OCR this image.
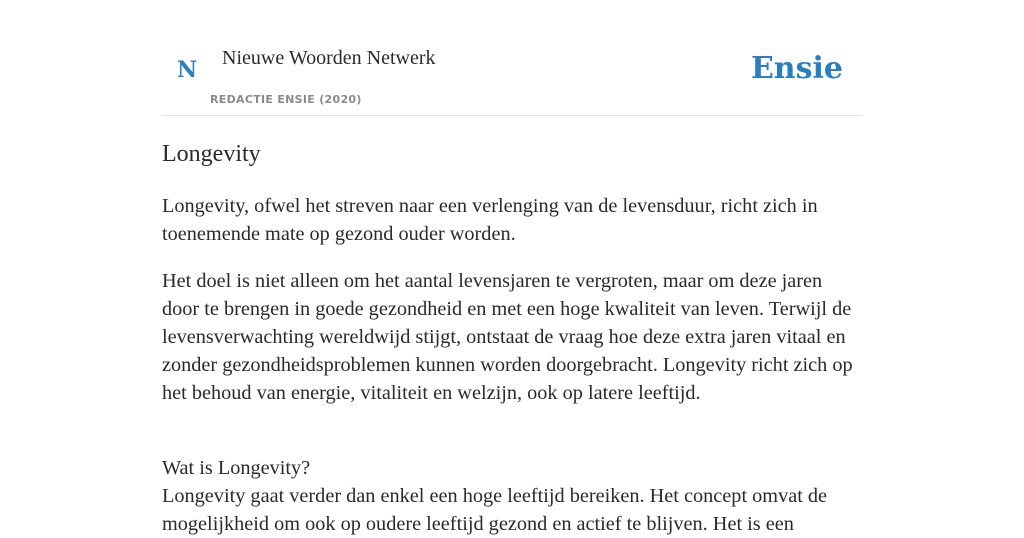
N Nieuwe Woorden Netwerk
REDACTIE ENSIE (2020)
Ensie
Longevity

Longevity, ofwel het streven naar een verlenging van de levensduur, richt zich in toenemende mate op gezond ouder worden.

Het doel is niet alleen om het aantal levensjaren te vergroten, maar om deze jaren door te brengen in goede gezondheid en met een hoge kwaliteit van leven. Terwijl de levensverwachting wereldwijd stijgt, ontstaat de vraag hoe deze extra jaren vitaal en zonder gezondheidsproblemen kunnen worden doorgebracht. Longevity richt zich op het behoud van energie, vitaliteit en welzijn, ook op latere leeftijd.

Wat is Longevity?
Longevity gaat verder dan enkel een hoge leeftijd bereiken. Het concept omvat de mogelijkheid om ook op oudere leeftijd gezond en actief te blijven. Het is een
